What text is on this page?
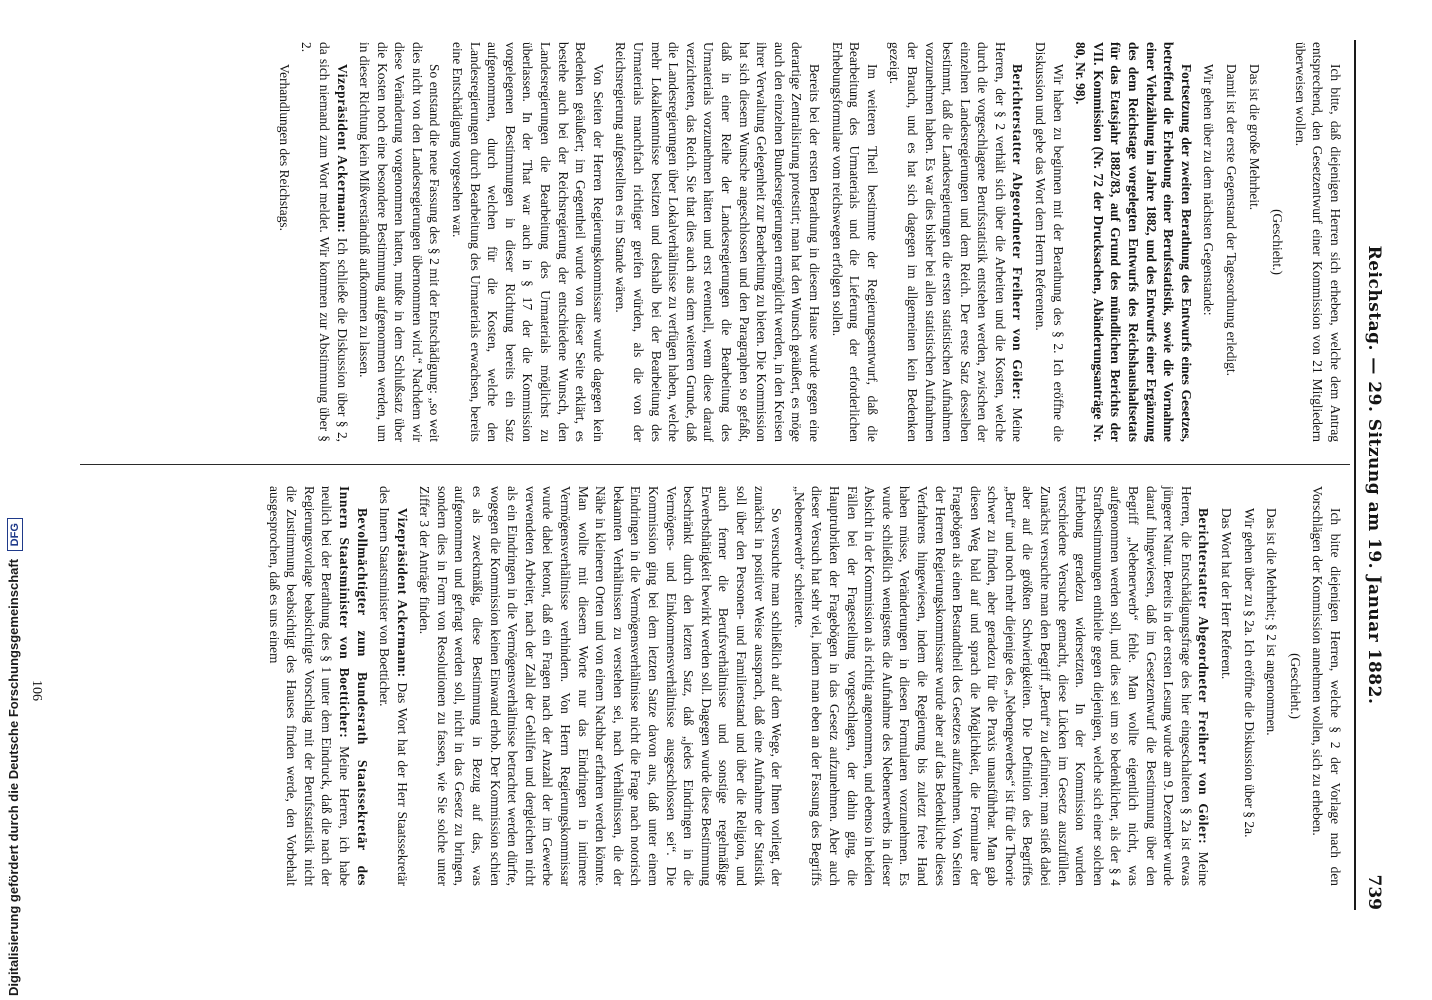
Reichstag. — 29. Sitzung am 19. Januar 1882.
739

Ich bitte, daß diejenigen Herren sich erheben, welche dem Antrag entsprechend, den Gesetzentwurf einer Kommission von 21 Mitgliedern überweisen wollen.

(Geschieht.)

Das ist die große Mehrheit.

Damit ist der erste Gegenstand der Tagesordnung erledigt.

Wir gehen über zu dem nächsten Gegenstande:

Fortsetzung der zweiten Berathung des Entwurfs eines Gesetzes, betreffend die Erhebung einer Berufsstatistik, sowie die Vornahme einer Viehzählung im Jahre 1882, und des Entwurfs einer Ergänzung des dem Reichstage vorgelegten Entwurfs des Reichshaushaltsetats für das Etatsjahr 1882/83, auf Grund des mündlichen Berichts der VII. Kommission (Nr. 72 der Drucksachen, Abänderungsanträge Nr. 80, Nr. 98).

Wir haben zu beginnen mit der Berathung des § 2. Ich eröffne die Diskussion und gebe das Wort dem Herrn Referenten.

Berichterstatter Abgeordneter Freiherr von Göler: Meine Herren, der § 2 verhält sich über die Arbeiten und die Kosten, welche durch die vorgeschlagene Berufsstatistik entstehen werden, zwischen der einzelnen Landesregierungen und dem Reich. Der erste Satz desselben bestimmt, daß die Landesregierungen die ersten statistischen Aufnahmen vorzunehmen haben. Es war dies bisher bei allen statistischen Aufnahmen der Brauch, und es hat sich dagegen im allgemeinen kein Bedenken gezeigt.

Im weiteren Theil bestimmte der Regierungsentwurf, daß die Bearbeitung des Urmaterials und die Lieferung der erforderlichen Erhebungsformulare vom reichswegen erfolgen sollen.

Bereits bei der ersten Berathung in diesem Hause wurde gegen eine derartige Zentralisirung protestirt; man hat den Wunsch geäußert, es möge auch den einzelnen Bundesregierungen ermöglicht werden, in den Kreisen ihrer Verwaltung Gelegenheit zur Bearbeitung zu bieten. Die Kommission hat sich diesem Wunsche angeschlossen und den Paragraphen so gefaßt, daß in einer Reihe der Landesregierungen die Bearbeitung des Urmaterials vorzunehmen hätten und erst eventuell, wenn diese darauf verzichteten, das Reich. Sie that dies auch aus dem weiteren Grunde, daß die Landesregierungen über Lokalverhältnisse zu verfügen haben, welche mehr Lokalkenntnisse besitzen und deshalb bei der Bearbeitung des Urmaterials manchfach richtiger greifen würden, als die von der Reichsregierung aufgestellten es im Stande wären.

Von Seiten der Herren Regierungskommissare wurde dagegen kein Bedenken geäußert; im Gegentheil wurde von dieser Seite erklärt, es bestehe auch bei der Reichsregierung der entschiedene Wunsch, den Landesregierungen die Bearbeitung des Urmaterials möglichst zu überlassen. In der That war auch in § 17 der die Kommission vorgelegenen Bestimmungen in dieser Richtung bereits ein Satz aufgenommen, durch welchen für die Kosten, welche den Landesregierungen durch Bearbeitung des Urmaterials erwachsen, bereits eine Entschädigung vorgesehen war.

So entstand die neue Fassung des § 2 mit der Entschädigung: „so weit dies nicht von den Landesregierungen übernommen wird.“ Nachdem wir diese Veränderung vorgenommen hatten, mußte in dem Schlußsatz über die Kosten noch eine besondere Bestimmung aufgenommen werden, um in dieser Richtung kein Mißverständniß aufkommen zu lassen.

Vizepräsident Ackermann: Ich schließe die Diskussion über § 2, da sich niemand zum Wort meldet. Wir kommen zur Abstimmung über § 2.

Verhandlungen des Reichstags.

Ich bitte diejenigen Herren, welche § 2 der Vorlage nach den Vorschlägen der Kommission annehmen wollen, sich zu erheben.

(Geschieht.)

Das ist die Mehrheit; § 2 ist angenommen.

Wir gehen über zu § 2a. Ich eröffne die Diskussion über § 2a.

Das Wort hat der Herr Referent.

Berichterstatter Abgeordneter Freiherr von Göler: Meine Herren, die Entschädigungsfrage des hier eingeschalteten § 2a ist etwas jüngerer Natur. Bereits in der ersten Lesung wurde am 9. Dezember wurde darauf hingewiesen, daß im Gesetzentwurf die Bestimmung über den Begriff „Nebenerwerb“ fehle. Man wollte eigentlich nicht, was aufgenommen werden soll, und dies sei um so bedenklicher, als der § 4 Strafbestimmungen enthielte gegen diejenigen, welche sich einer solchen Erhebung geradezu widersetzten. In der Kommission wurden verschiedene Versuche gemacht, diese Lücken im Gesetz auszufüllen. Zunächst versuchte man den Begriff „Beruf“ zu definiren; man stieß dabei aber auf die größten Schwierigkeiten. Die Definition des Begriffes „Beruf“ und noch mehr diejenige des „Nebengewerbes“ ist für die Theorie schwer zu finden, aber geradezu für die Praxis unausführbar. Man gab diesen Weg bald auf und sprach die Möglichkeit, die Formulare der Fragebögen als einen Bestandtheil des Gesetzes aufzunehmen. Von Seiten der Herren Regierungskommissare wurde aber auf das Bedenkliche dieses Verfahrens hingewiesen, indem die Regierung bis zuletzt freie Hand haben müsse, Veränderungen in diesen Formularen vorzunehmen. Es wurde schließlich wenigstens die Aufnahme des Nebenerwerbs in dieser Absicht in der Kommission als richtig angenommen, und ebenso in beiden Fällen bei der Fragestellung vorgeschlagen, der dahin ging, die Hauptrubriken der Fragebögen in das Gesetz aufzunehmen. Aber auch dieser Versuch hat sehr viel, indem man eben an der Fassung des Begriffs „Nebenerwerb“ scheiterte.

So versuchte man schließlich auf dem Wege, der Ihnen vorliegt, der zunächst in positiver Weise aussprach, daß eine Aufnahme der Statistik soll über den Personen- und Familienstand und über die Religion, und auch ferner die Berufsverhältnisse und sonstige regelmäßige Erwerbsthätigkeit bewirkt werden soll. Dagegen wurde diese Bestimmung beschränkt durch den letzten Satz, daß „jedes Eindringen in die Vermögens- und Einkommensverhältnisse ausgeschlossen sei“. Die Kommission ging bei dem letzten Satze davon aus, daß unter einem Eindringen in die Vermögensverhältnisse nicht die Frage nach notorisch bekannten Verhältnissen zu verstehen sei, nach Verhältnissen, die der Nähe in kleineren Orten und von einem Nachbar erfahren werden könnte. Man wollte mit diesem Worte nur das Eindringen in intimere Vermögensverhältnisse verhindern. Von Herrn Regierungskommissar wurde dabei betont, daß ein Fragen nach der Anzahl der im Gewerbe verwendeten Arbeiter, nach der Zahl der Gehilfen und dergleichen nicht als ein Eindringen in die Vermögensverhältnisse betrachtet werden dürfte, wogegen die Kommission keinen Einwand erhob. Der Kommission schien es als zweckmäßig, diese Bestimmung in Bezug auf das, was aufgenommen und gefragt werden soll, nicht in das Gesetz zu bringen, sondern dies in Form von Resolutionen zu fassen, wie Sie solche unter Ziffer 3 der Anträge finden.

Vizepräsident Ackermann: Das Wort hat der Herr Staatssekretär des Innern Staatsminister von Boetticher.

Bevollmächtigter zum Bundesrath Staatssekretär des Innern Staatsminister von Boetticher: Meine Herren, ich habe neulich bei der Berathung des § 1 unter dem Eindruck, daß die nach der Regierungsvorlage beabsichtigte Vorschlag mit der Berufsstatistik nicht die Zustimmung beabsichtigt des Hauses finden werde, den Vorbehalt ausgesprochen, daß es uns einem

106
Digitalisierung gefördert durch die Deutsche Forschungsgemeinschaft DFG
